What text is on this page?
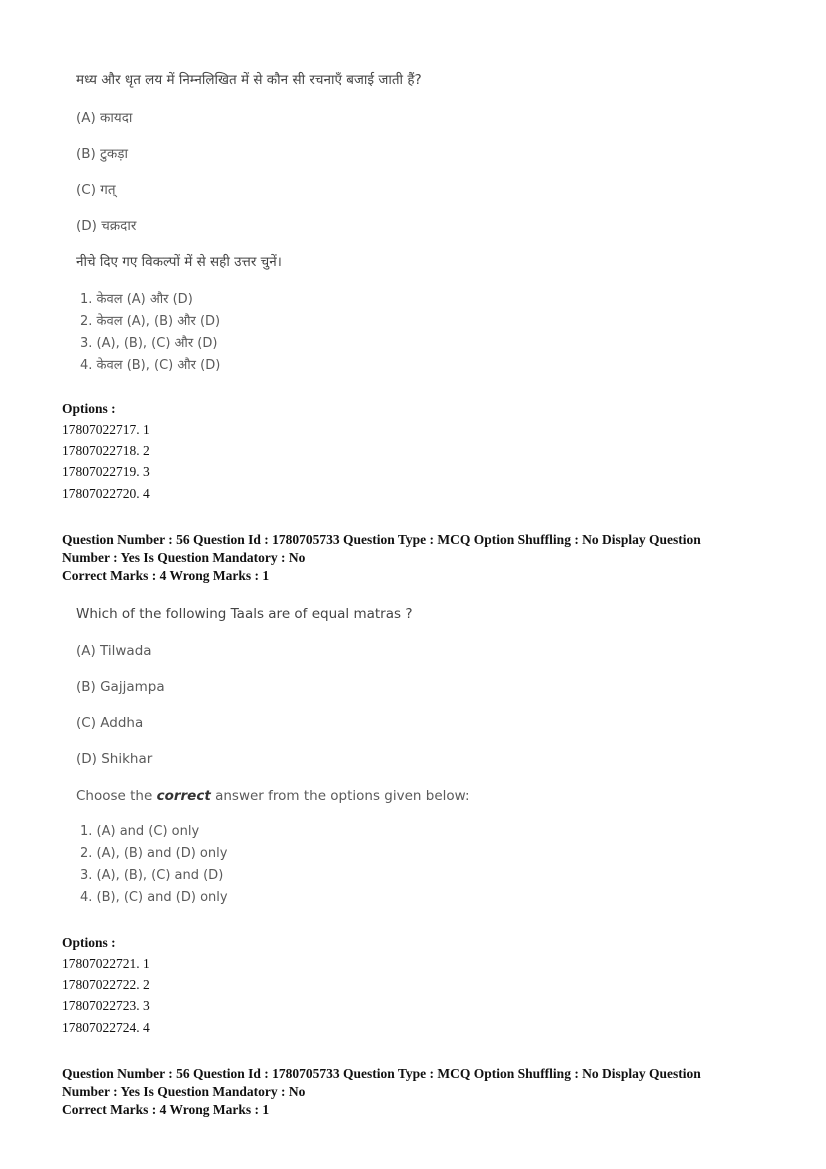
मध्य और धृत लय में निम्नलिखित में से कौन सी रचनाएँ बजाई जाती हैं?
(A) कायदा
(B) टुकड़ा
(C) गत्
(D) चक्रदार
नीचे दिए गए विकल्पों में से सही उत्तर चुनें।
1. केवल (A) और (D)
2. केवल (A), (B) और (D)
3. (A), (B), (C) और (D)
4. केवल (B), (C) और (D)
Options :
17807022717. 1
17807022718. 2
17807022719. 3
17807022720. 4
Question Number : 56 Question Id : 1780705733 Question Type : MCQ Option Shuffling : No Display Question
Number : Yes Is Question Mandatory : No
Correct Marks : 4 Wrong Marks : 1
Which of the following Taals are of equal matras ?
(A) Tilwada
(B) Gajjampa
(C) Addha
(D) Shikhar
Choose the correct answer from the options given below:
1. (A) and (C) only
2. (A), (B) and (D) only
3. (A), (B), (C) and (D)
4. (B), (C) and (D) only
Options :
17807022721. 1
17807022722. 2
17807022723. 3
17807022724. 4
Question Number : 56 Question Id : 1780705733 Question Type : MCQ Option Shuffling : No Display Question
Number : Yes Is Question Mandatory : No
Correct Marks : 4 Wrong Marks : 1
